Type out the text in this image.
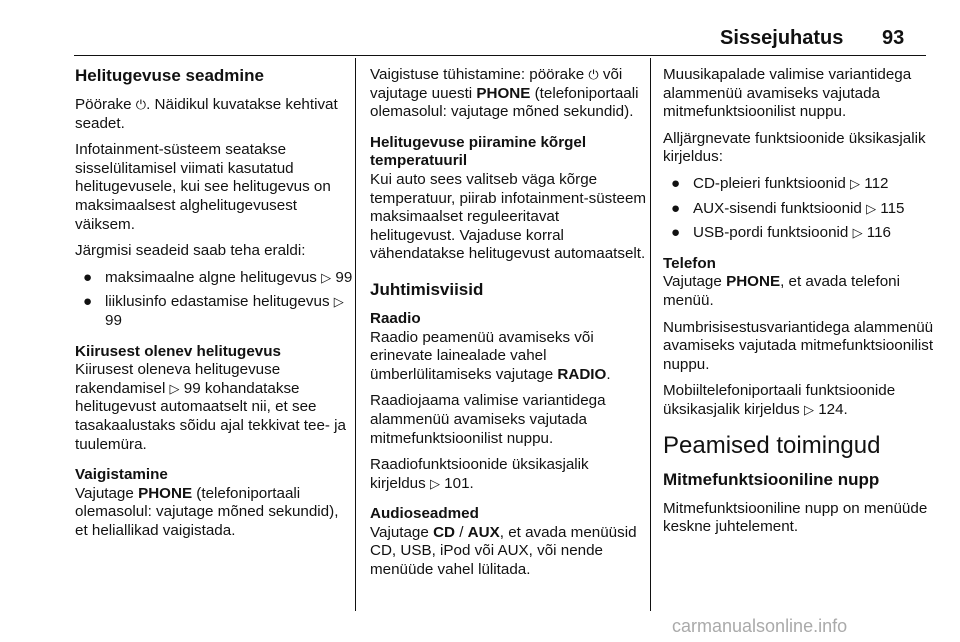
Sissejuhatus 93
Helitugevuse seadmine

Pöörake ⏻. Näidikul kuvatakse kehtivat seadet.

Infotainment-süsteem seatakse sisselülitamisel viimati kasutatud helitugevusele, kui see helitugevus on maksimaalsest alghelitugevusest väiksem.

Järgmisi seadeid saab teha eraldi:

● maksimaalne algne helitugevus ▷ 99
● liiklusinfo edastamise helitugevus ▷ 99
Kiirusest olenev helitugevus

Kiirusest oleneva helitugevuse rakendamisel ▷ 99 kohandatakse helitugevust automaatselt nii, et see tasakaalustaks sõidu ajal tekkivat tee- ja tuulemüra.

Vaigistamine

Vajutage PHONE (telefoniportaali olemasolul: vajutage mõned sekundid), et heliallikad vaigistada.

Vaigistuse tühistamine: pöörake ⏻ või vajutage uuesti PHONE (telefoniportaali olemasolul: vajutage mõned sekundid).

Helitugevuse piiramine kõrgel temperatuuril

Kui auto sees valitseb väga kõrge temperatuur, piirab infotainment-süsteem maksimaalset reguleeritavat helitugevust. Vajaduse korral vähendatakse helitugevust automaatselt.

Juhtimisviisid
Raadio

Raadio peamenüü avamiseks või erinevate lainealade vahel ümberlülitamiseks vajutage RADIO.

Raadiojaama valimise variantidega alammenüü avamiseks vajutada mitmefunktsioonilist nuppu.

Raadiofunktsioonide üksikasjalik kirjeldus ▷ 101.

Audioseadmed

Vajutage CD / AUX, et avada menüüsid CD, USB, iPod või AUX, või nende menüüde vahel lülitada.

Muusikapalade valimise variantidega alammenüü avamiseks vajutada mitmefunktsioonilist nuppu.

Alljärgnevate funktsioonide üksikasjalik kirjeldus:

● CD-pleieri funktsioonid ▷ 112
● AUX-sisendi funktsioonid ▷ 115
● USB-pordi funktsioonid ▷ 116
Telefon

Vajutage PHONE, et avada telefoni menüü.

Numbrisisestusvariantidega alammenüü avamiseks vajutada mitmefunktsioonilist nuppu.

Mobiiltelefoniportaali funktsioonide üksikasjalik kirjeldus ▷ 124.

Peamised toimingud
Mitmefunktsiooniline nupp

Mitmefunktsiooniline nupp on menüüde keskne juhtelement.

carmanualsonline.info
